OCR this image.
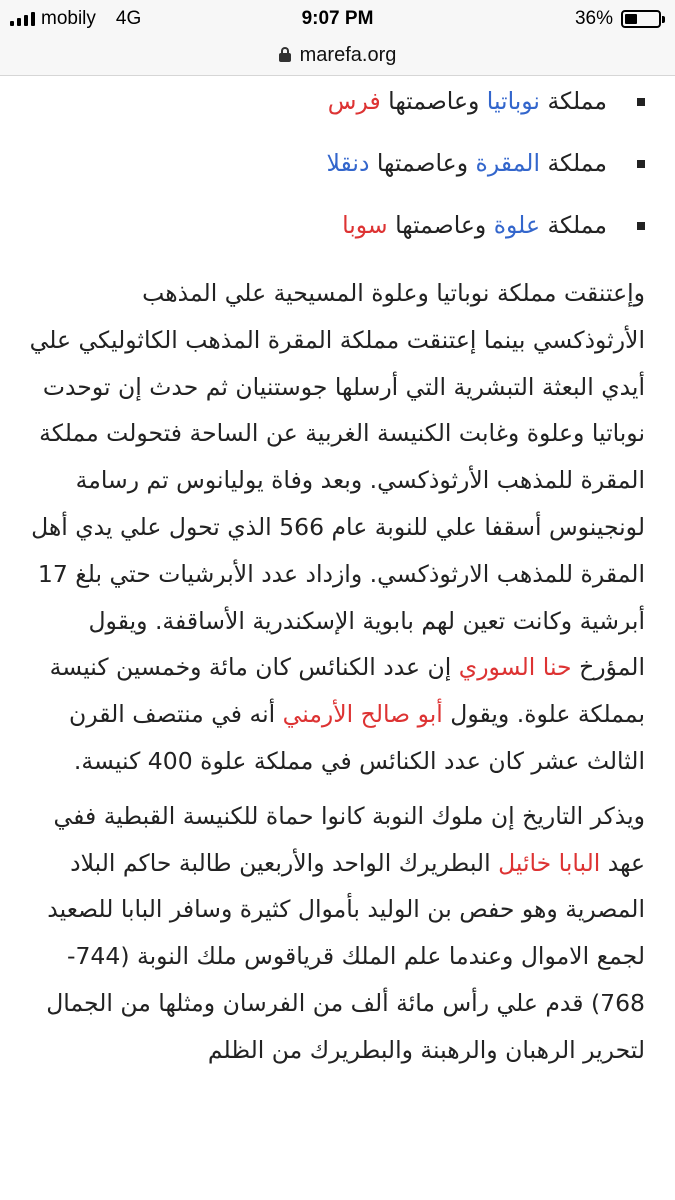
mobily 4G	9:07 PM	36%
marefa.org
مملكة نوباتيا وعاصمتها فرس
مملكة المقرة وعاصمتها دنقلا
مملكة علوة وعاصمتها سوبا

وإعتنقت مملكة نوباتيا وعلوة المسيحية علي المذهب الأرثوذكسي بينما إعتنقت مملكة المقرة المذهب الكاثوليكي علي أيدي البعثة التبشرية التي أرسلها جوستنيان ثم حدث إن توحدت نوباتيا وعلوة وغابت الكنيسة الغربية عن الساحة فتحولت مملكة المقرة للمذهب الأرثوذكسي. وبعد وفاة يوليانوس تم رسامة لونجينوس أسقفا علي للنوبة عام 566 الذي تحول علي يدي أهل المقرة للمذهب الارثوذكسي. وازداد عدد الأبرشيات حتي بلغ 17 أبرشية وكانت تعين لهم بابوية الإسكندرية الأساقفة. ويقول المؤرخ حنا السوري إن عدد الكنائس كان مائة وخمسين كنيسة بمملكة علوة. ويقول أبو صالح الأرمني أنه في منتصف القرن الثالث عشر كان عدد الكنائس في مملكة علوة 400 كنيسة.

ويذكر التاريخ إن ملوك النوبة كانوا حماة للكنيسة القبطية ففي عهد البابا خائيل البطريرك الواحد والأربعين طالبة حاكم البلاد المصرية وهو حفص بن الوليد بأموال كثيرة وسافر البابا للصعيد لجمع الاموال وعندما علم الملك قرياقوس ملك النوبة (744-768) قدم علي رأس مائة ألف من الفرسان ومثلها من الجمال لتحرير الرهبان والرهبنة والبطريرك من الظلم
